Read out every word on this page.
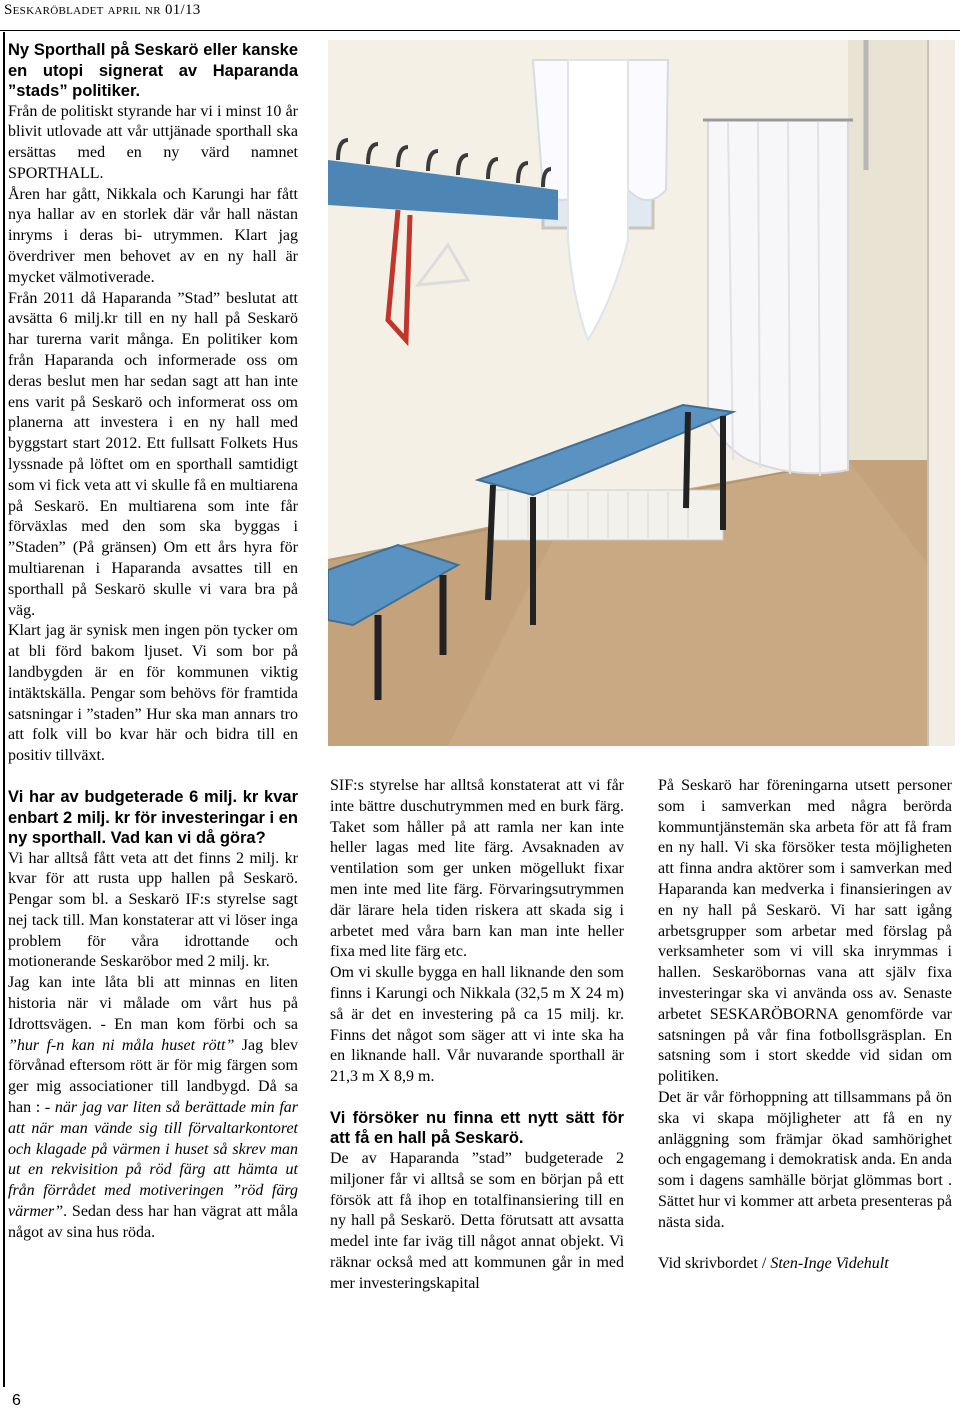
Seskaröbladet april nr 01/13
6

Ny Sporthall på Seskarö eller kanske en utopi signerat av Haparanda ”stads” politiker.

Från de politiskt styrande har vi i minst 10 år blivit utlovade att vår uttjänade sporthall ska ersättas med en ny värd namnet SPORTHALL.

Åren har gått, Nikkala och Karungi har fått nya hallar av en storlek där vår hall nästan inryms i deras bi- utrymmen. Klart jag överdriver men behovet av en ny hall är mycket välmotiverade.

Från 2011 då Haparanda ”Stad” beslutat att avsätta 6 milj.kr till en ny hall på Seskarö har turerna varit många. En politiker kom från Haparanda och informerade oss om deras beslut men har sedan sagt att han inte ens varit på Seskarö och informerat oss om planerna att investera i en ny hall med byggstart start 2012. Ett fullsatt Folkets Hus lyssnade på löftet om en sporthall samtidigt som vi fick veta att vi skulle få en multiarena på Seskarö. En multiarena som inte får förväxlas med den som ska byggas i ”Staden” (På gränsen) Om ett års hyra för multiarenan i Haparanda avsattes till en sporthall på Seskarö skulle vi vara bra på väg.

Klart jag är synisk men ingen pön tycker om at bli förd bakom ljuset. Vi som bor på landbygden är en för kommunen viktig intäktskälla. Pengar som behövs för framtida satsningar i ”staden” Hur ska man annars tro att folk vill bo kvar här och bidra till en positiv tillväxt.

Vi har av budgeterade 6 milj. kr kvar enbart 2 milj. kr för investeringar i en ny sporthall. Vad kan vi då göra?

Vi har alltså fått veta att det finns 2 milj. kr kvar för att rusta upp hallen på Seskarö. Pengar som bl. a Seskarö IF:s styrelse sagt nej tack till. Man konstaterar att vi löser inga problem för våra idrottande och motionerande Seskaröbor med 2 milj. kr.

Jag kan inte låta bli att minnas en liten historia när vi målade om vårt hus på Idrottsvägen. - En man kom förbi och sa ”hur f-n kan ni måla huset rött” Jag blev förvånad eftersom rött är för mig färgen som ger mig associationer till landbygd. Då sa han : - när jag var liten så berättade min far att när man vände sig till förvaltarkontoret och klagade på värmen i huset så skrev man ut en rekvisition på röd färg att hämta ut från förrådet med motiveringen ”röd färg värmer”. Sedan dess har han vägrat att måla något av sina hus röda.

SIF:s styrelse har alltså konstaterat att vi får inte bättre duschutrymmen med en burk färg. Taket som håller på att ramla ner kan inte heller lagas med lite färg. Avsaknaden av ventilation som ger unken mögellukt fixar men inte med lite färg. Förvaringsutrymmen där lärare hela tiden riskera att skada sig i arbetet med våra barn kan man inte heller fixa med lite färg etc.

Om vi skulle bygga en hall liknande den som finns i Karungi och Nikkala (32,5 m X 24 m) så är det en investering på ca 15 milj. kr. Finns det något som säger att vi inte ska ha en liknande hall. Vår nuvarande sporthall är 21,3 m X 8,9 m.

Vi försöker nu finna ett nytt sätt för att få en hall på Seskarö.

De av Haparanda ”stad” budgeterade 2 miljoner får vi alltså se som en början på ett försök att få ihop en totalfinansiering till en ny hall på Seskarö. Detta förutsatt att avsatta medel inte far iväg till något annat objekt. Vi räknar också med att kommunen går in med mer investeringskapital

På Seskarö har föreningarna utsett personer som i samverkan med några berörda kommuntjänstemän ska arbeta för att få fram en ny hall. Vi ska försöker testa möjligheten att finna andra aktörer som i samverkan med Haparanda kan medverka i finansieringen av en ny hall på Seskarö. Vi har satt igång arbetsgrupper som arbetar med förslag på verksamheter som vi vill ska inrymmas i hallen. Seskaröbornas vana att själv fixa investeringar ska vi använda oss av. Senaste arbetet SESKARÖBORNA genomförde var satsningen på vår fina fotbollsgräsplan. En satsning som i stort skedde vid sidan om politiken.

Det är vår förhoppning att tillsammans på ön ska vi skapa möjligheter att få en ny anläggning som främjar ökad samhörighet och engagemang i demokratisk anda. En anda som i dagens samhälle börjat glömmas bort . Sättet hur vi kommer att arbeta presenteras på nästa sida.

Vid skrivbordet / Sten-Inge Videhult
